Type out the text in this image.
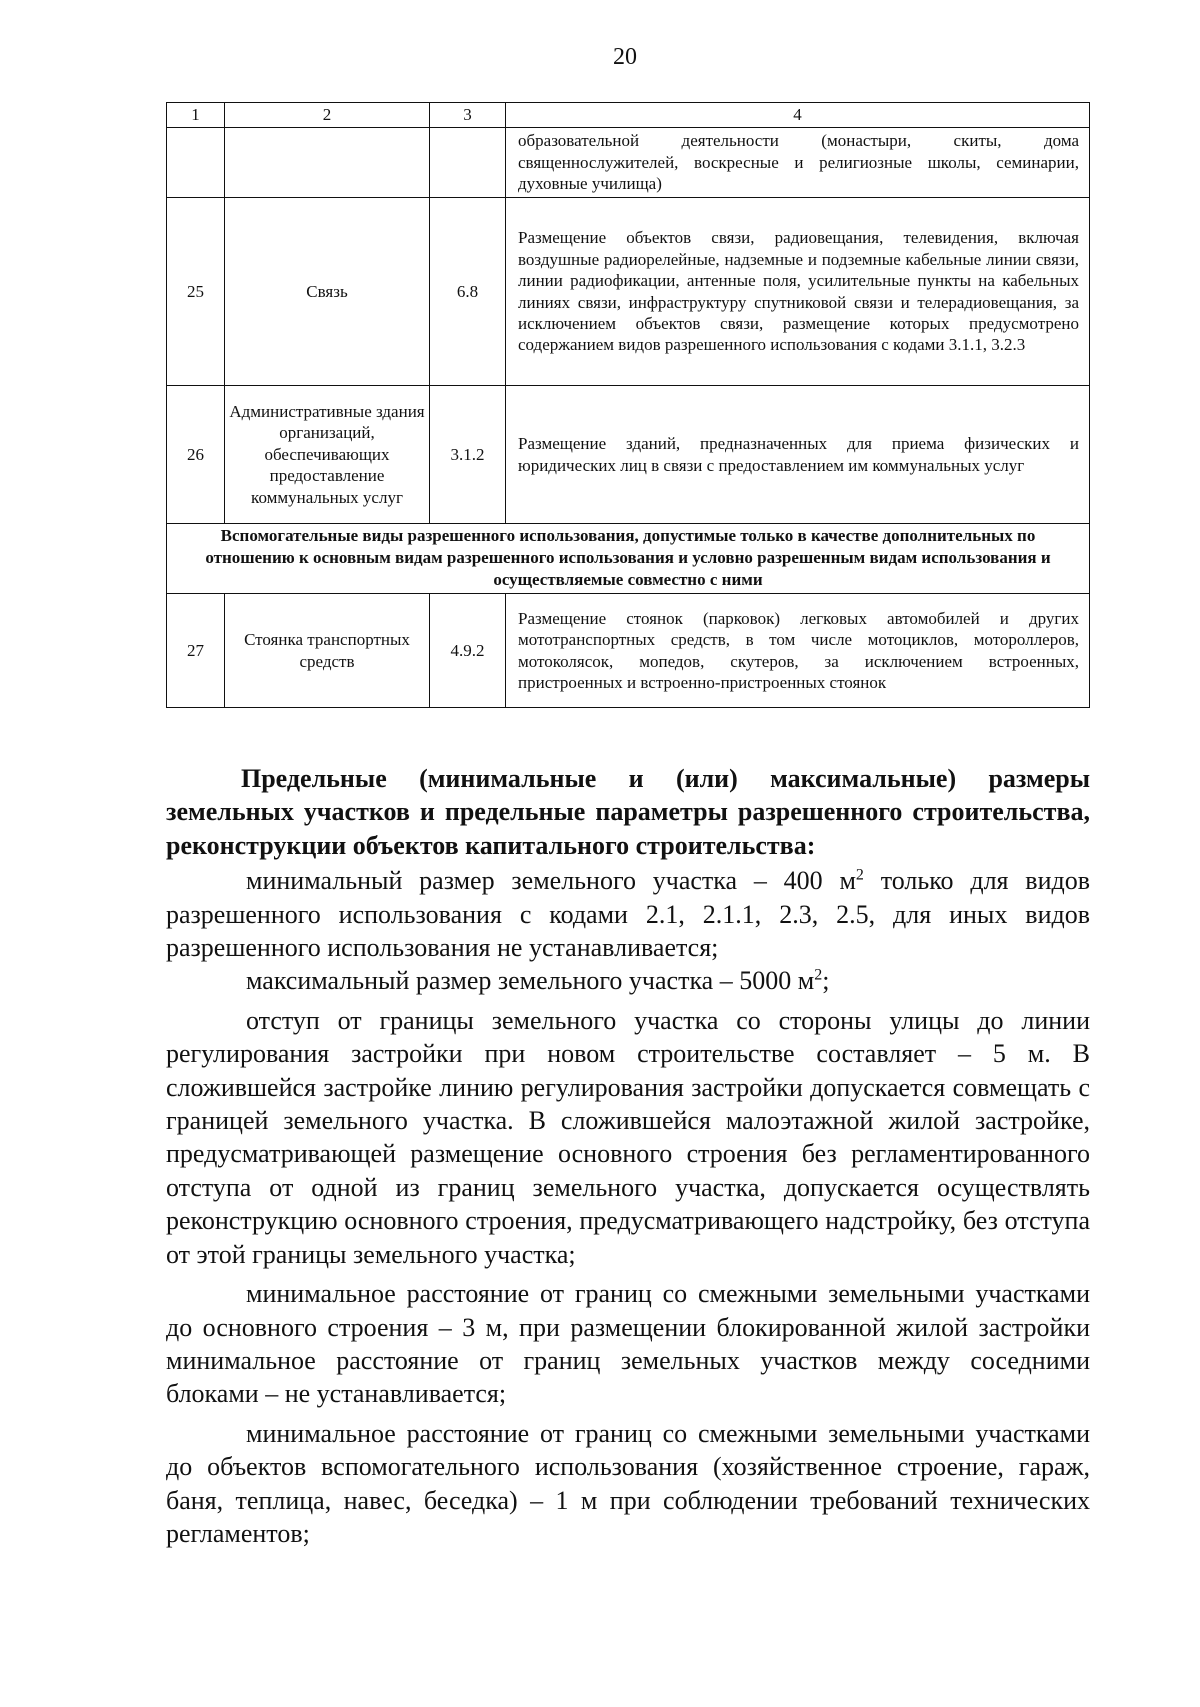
20
1	2	3	4
			образовательной деятельности (монастыри, скиты, дома священнослужителей, воскресные и религиозные школы, семинарии, духовные училища)
25	Связь	6.8	Размещение объектов связи, радиовещания, телевидения, включая воздушные радиорелейные, надземные и подземные кабельные линии связи, линии радиофикации, антенные поля, усилительные пункты на кабельных линиях связи, инфраструктуру спутниковой связи и телерадиовещания, за исключением объектов связи, размещение которых предусмотрено содержанием видов разрешенного использования с кодами 3.1.1, 3.2.3
26	Административные здания организаций, обеспечивающих предоставление коммунальных услуг	3.1.2	Размещение зданий, предназначенных для приема физических и юридических лиц в связи с предоставлением им коммунальных услуг
Вспомогательные виды разрешенного использования, допустимые только в качестве дополнительных по отношению к основным видам разрешенного использования и условно разрешенным видам использования и осуществляемые совместно с ними			
27	Стоянка транспортных средств	4.9.2	Размещение стоянок (парковок) легковых автомобилей и других мототранспортных средств, в том числе мотоциклов, мотороллеров, мотоколясок, мопедов, скутеров, за исключением встроенных, пристроенных и встроенно-пристроенных стоянок
Предельные (минимальные и (или) максимальные) размеры
земельных участков и предельные параметры разрешенного строительства, реконструкции объектов капитального строительства:

минимальный размер земельного участка – 400 $м^2$ только для видов разрешенного использования с кодами 2.1, 2.1.1, 2.3, 2.5, для иных видов разрешенного использования не устанавливается;

максимальный размер земельного участка – 5000 $м^2$;

отступ от границы земельного участка со стороны улицы до линии регулирования застройки при новом строительстве составляет – 5 м. В сложившейся застройке линию регулирования застройки допускается совмещать с границей земельного участка. В сложившейся малоэтажной жилой застройке, предусматривающей размещение основного строения без регламентированного отступа от одной из границ земельного участка, допускается осуществлять реконструкцию основного строения, предусматривающего надстройку, без отступа от этой границы земельного участка;

минимальное расстояние от границ со смежными земельными участками до основного строения – 3 м, при размещении блокированной жилой застройки минимальное расстояние от границ земельных участков между соседними блоками – не устанавливается;

минимальное расстояние от границ со смежными земельными участками до объектов вспомогательного использования (хозяйственное строение, гараж, баня, теплица, навес, беседка) – 1 м при соблюдении требований технических регламентов;
